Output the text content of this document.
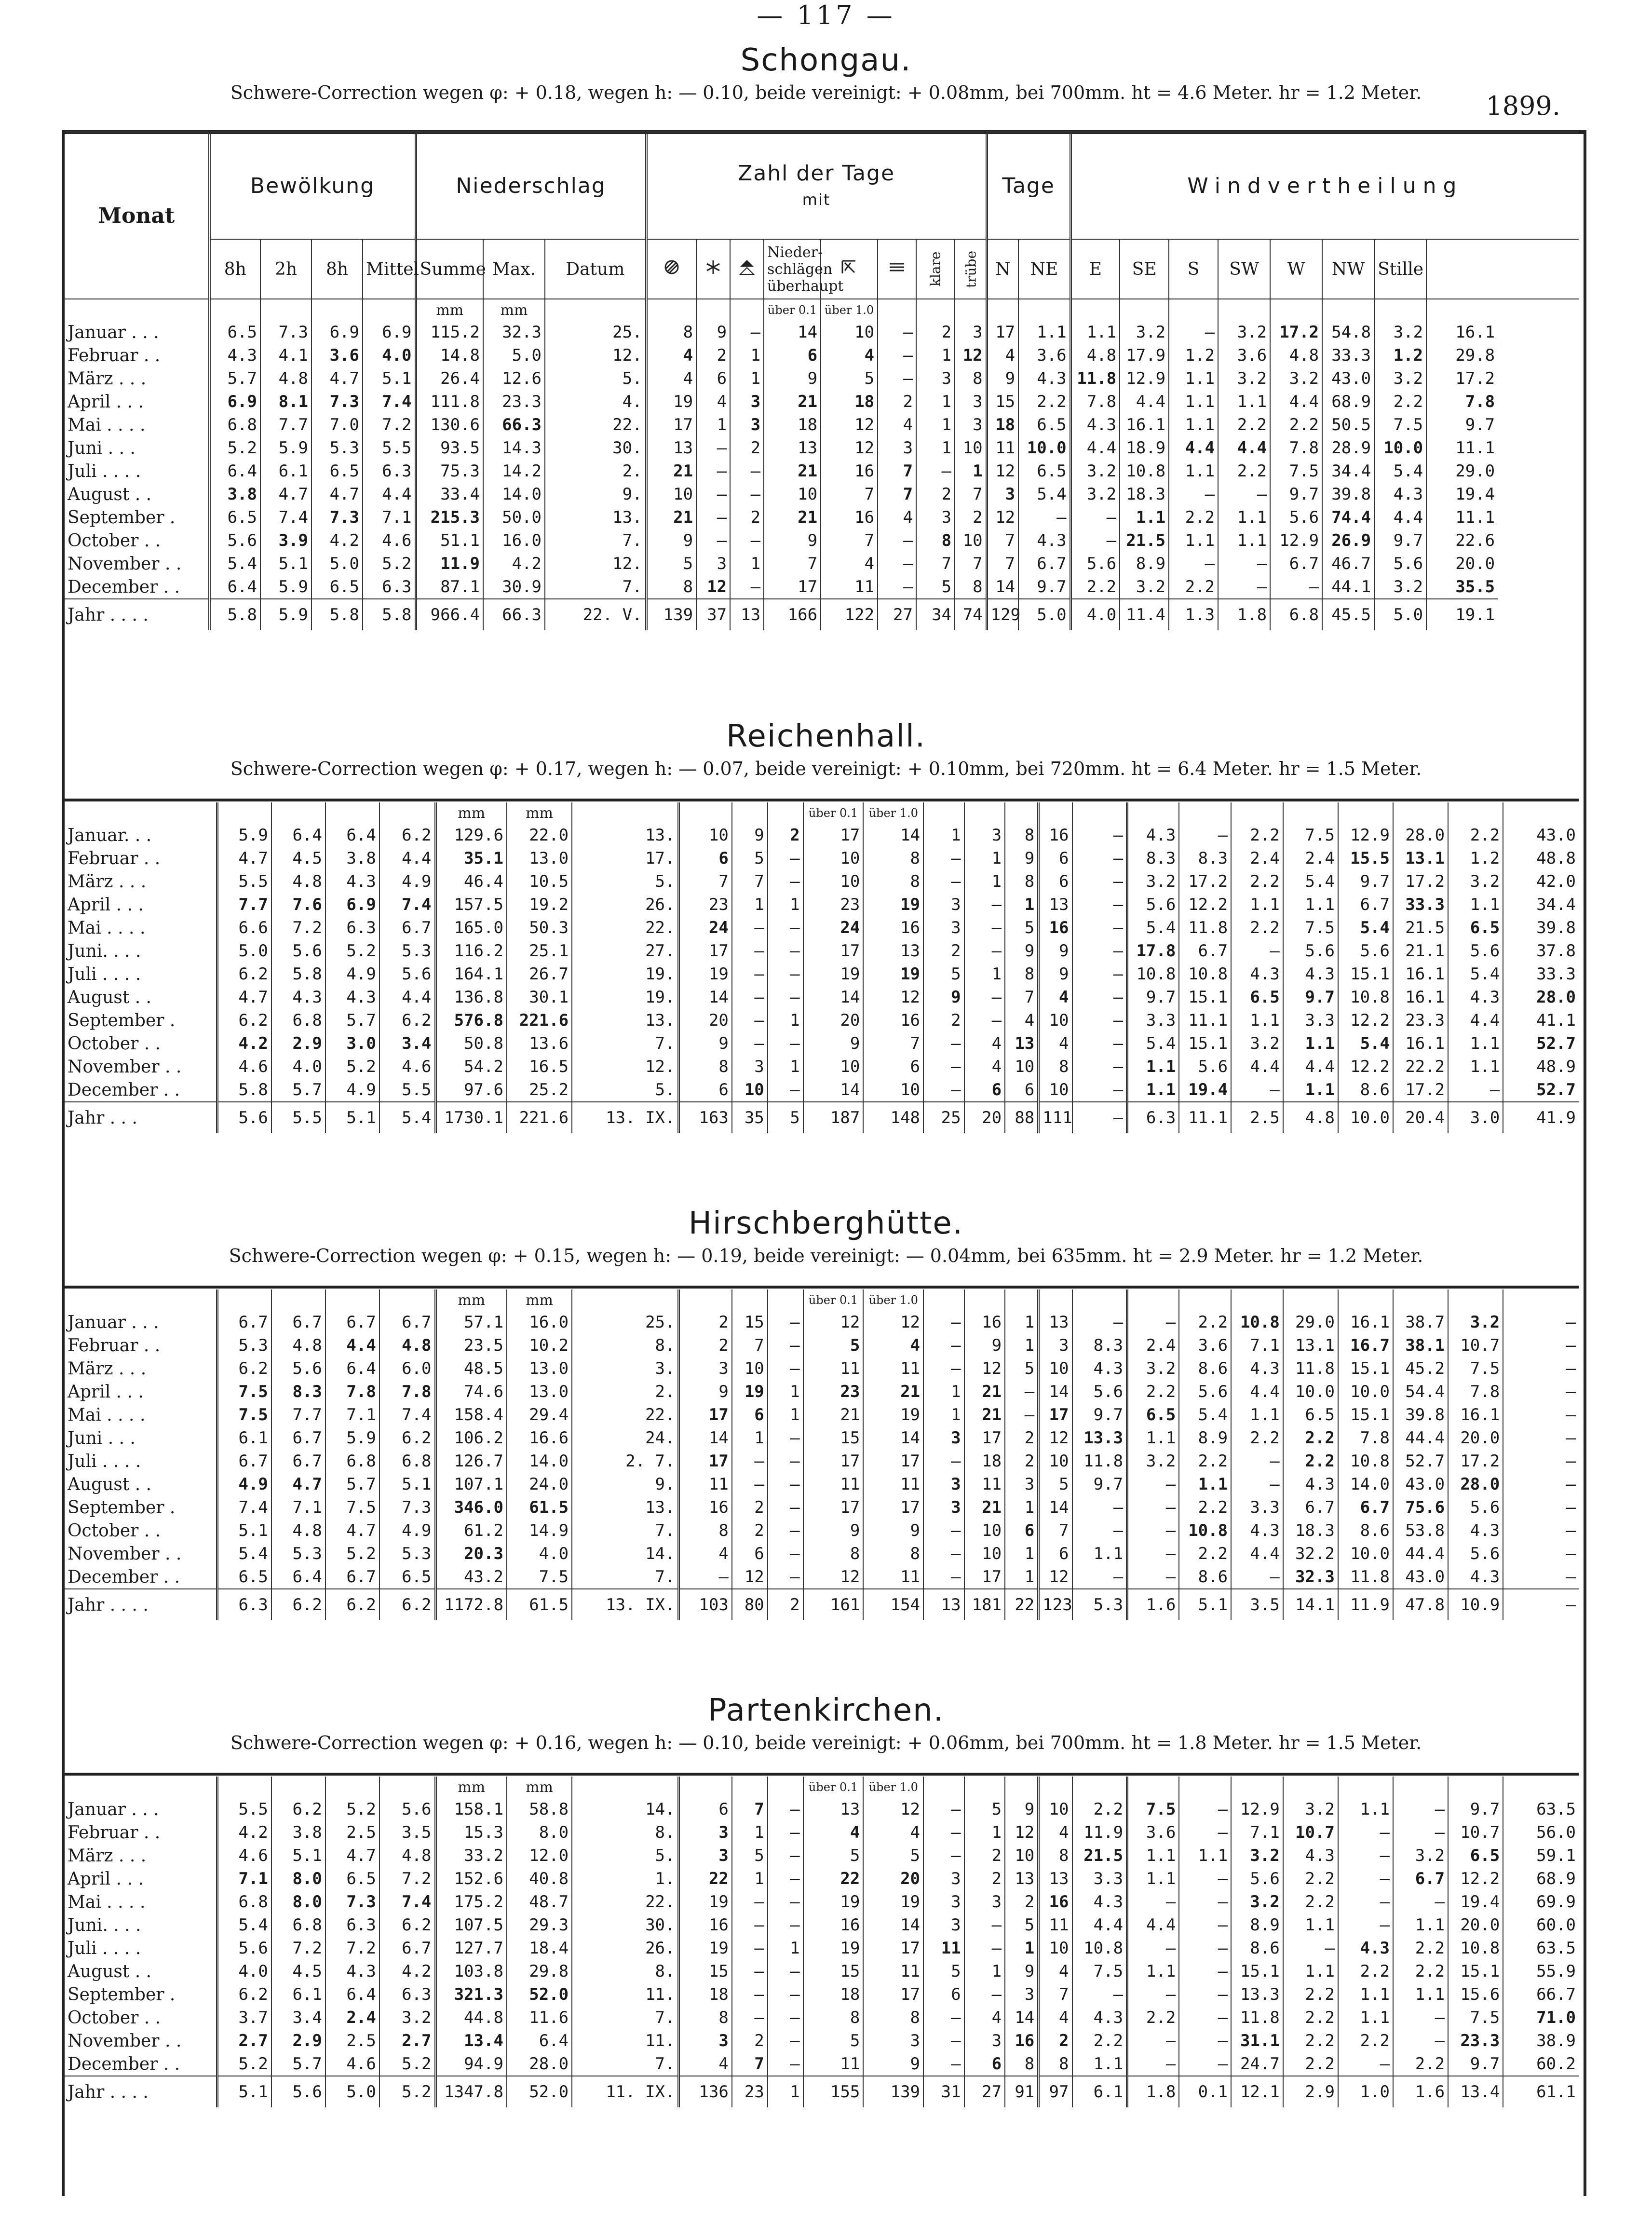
— 117 —
Schongau.
1899.
Schwere-Correction wegen φ: + 0.18, wegen h: — 0.10, beide vereinigt: + 0.08mm, bei 700mm. ht = 4.6 Meter. hr = 1.2 Meter.
Monat	Bewölkung				Niederschlag			Zahl der Tage
mit								Tage		Windvertheilung							
	8h	2h	8h	Mittel	Summe	Max.	Datum				Nieder-schlägen überhaupt			klare	trübe	N	NE	E	SE	S	SW	W	NW	Stille	
					mm	mm					über 0.1	über 1.0													
Januar . . .	6.5	7.3	6.9	6.9	115.2	32.3	25.	8	9	–	14	10	–	2	3	17	1.1	1.1	3.2	–	3.2	17.2	54.8	3.2	16.1
Februar . .	4.3	4.1	3.6	4.0	14.8	5.0	12.	4	2	1	6	4	–	1	12	4	3.6	4.8	17.9	1.2	3.6	4.8	33.3	1.2	29.8
März . . .	5.7	4.8	4.7	5.1	26.4	12.6	5.	4	6	1	9	5	–	3	8	9	4.3	11.8	12.9	1.1	3.2	3.2	43.0	3.2	17.2
April . . .	6.9	8.1	7.3	7.4	111.8	23.3	4.	19	4	3	21	18	2	1	3	15	2.2	7.8	4.4	1.1	1.1	4.4	68.9	2.2	7.8
Mai . . . .	6.8	7.7	7.0	7.2	130.6	66.3	22.	17	1	3	18	12	4	1	3	18	6.5	4.3	16.1	1.1	2.2	2.2	50.5	7.5	9.7
Juni . . .	5.2	5.9	5.3	5.5	93.5	14.3	30.	13	–	2	13	12	3	1	10	11	10.0	4.4	18.9	4.4	4.4	7.8	28.9	10.0	11.1
Juli . . . .	6.4	6.1	6.5	6.3	75.3	14.2	2.	21	–	–	21	16	7	–	1	12	6.5	3.2	10.8	1.1	2.2	7.5	34.4	5.4	29.0
August . .	3.8	4.7	4.7	4.4	33.4	14.0	9.	10	–	–	10	7	7	2	7	3	5.4	3.2	18.3	–	–	9.7	39.8	4.3	19.4
September .	6.5	7.4	7.3	7.1	215.3	50.0	13.	21	–	2	21	16	4	3	2	12	–	–	1.1	2.2	1.1	5.6	74.4	4.4	11.1
October . .	5.6	3.9	4.2	4.6	51.1	16.0	7.	9	–	–	9	7	–	8	10	7	4.3	–	21.5	1.1	1.1	12.9	26.9	9.7	22.6
November . .	5.4	5.1	5.0	5.2	11.9	4.2	12.	5	3	1	7	4	–	7	7	7	6.7	5.6	8.9	–	–	6.7	46.7	5.6	20.0
December . .	6.4	5.9	6.5	6.3	87.1	30.9	7.	8	12	–	17	11	–	5	8	14	9.7	2.2	3.2	2.2	–	–	44.1	3.2	35.5
Jahr . . . .	5.8	5.9	5.8	5.8	966.4	66.3	22. V.	139	37	13	166	122	27	34	74	129	5.0	4.0	11.4	1.3	1.8	6.8	45.5	5.0	19.1
Reichenhall.
Schwere-Correction wegen φ: + 0.17, wegen h: — 0.07, beide vereinigt: + 0.10mm, bei 720mm. ht = 6.4 Meter. hr = 1.5 Meter.

					mm	mm					über 0.1	über 1.0													
Januar. . .	5.9	6.4	6.4	6.2	129.6	22.0	13.	10	9	2	17	14	1	3	8	16	–	4.3	–	2.2	7.5	12.9	28.0	2.2	43.0
Februar . .	4.7	4.5	3.8	4.4	35.1	13.0	17.	6	5	–	10	8	–	1	9	6	–	8.3	8.3	2.4	2.4	15.5	13.1	1.2	48.8
März . . .	5.5	4.8	4.3	4.9	46.4	10.5	5.	7	7	–	10	8	–	1	8	6	–	3.2	17.2	2.2	5.4	9.7	17.2	3.2	42.0
April . . .	7.7	7.6	6.9	7.4	157.5	19.2	26.	23	1	1	23	19	3	–	1	13	–	5.6	12.2	1.1	1.1	6.7	33.3	1.1	34.4
Mai . . . .	6.6	7.2	6.3	6.7	165.0	50.3	22.	24	–	–	24	16	3	–	5	16	–	5.4	11.8	2.2	7.5	5.4	21.5	6.5	39.8
Juni. . . .	5.0	5.6	5.2	5.3	116.2	25.1	27.	17	–	–	17	13	2	–	9	9	–	17.8	6.7	–	5.6	5.6	21.1	5.6	37.8
Juli . . . .	6.2	5.8	4.9	5.6	164.1	26.7	19.	19	–	–	19	19	5	1	8	9	–	10.8	10.8	4.3	4.3	15.1	16.1	5.4	33.3
August . .	4.7	4.3	4.3	4.4	136.8	30.1	19.	14	–	–	14	12	9	–	7	4	–	9.7	15.1	6.5	9.7	10.8	16.1	4.3	28.0
September .	6.2	6.8	5.7	6.2	576.8	221.6	13.	20	–	1	20	16	2	–	4	10	–	3.3	11.1	1.1	3.3	12.2	23.3	4.4	41.1
October . .	4.2	2.9	3.0	3.4	50.8	13.6	7.	9	–	–	9	7	–	4	13	4	–	5.4	15.1	3.2	1.1	5.4	16.1	1.1	52.7
November . .	4.6	4.0	5.2	4.6	54.2	16.5	12.	8	3	1	10	6	–	4	10	8	–	1.1	5.6	4.4	4.4	12.2	22.2	1.1	48.9
December . .	5.8	5.7	4.9	5.5	97.6	25.2	5.	6	10	–	14	10	–	6	6	10	–	1.1	19.4	–	1.1	8.6	17.2	–	52.7
Jahr . . .	5.6	5.5	5.1	5.4	1730.1	221.6	13. IX.	163	35	5	187	148	25	20	88	111	–	6.3	11.1	2.5	4.8	10.0	20.4	3.0	41.9
Hirschberghütte.
Schwere-Correction wegen φ: + 0.15, wegen h: — 0.19, beide vereinigt: — 0.04mm, bei 635mm. ht = 2.9 Meter. hr = 1.2 Meter.

					mm	mm					über 0.1	über 1.0													
Januar . . .	6.7	6.7	6.7	6.7	57.1	16.0	25.	2	15	–	12	12	–	16	1	13	–	–	2.2	10.8	29.0	16.1	38.7	3.2	–
Februar . .	5.3	4.8	4.4	4.8	23.5	10.2	8.	2	7	–	5	4	–	9	1	3	8.3	2.4	3.6	7.1	13.1	16.7	38.1	10.7	–
März . . .	6.2	5.6	6.4	6.0	48.5	13.0	3.	3	10	–	11	11	–	12	5	10	4.3	3.2	8.6	4.3	11.8	15.1	45.2	7.5	–
April . . .	7.5	8.3	7.8	7.8	74.6	13.0	2.	9	19	1	23	21	1	21	–	14	5.6	2.2	5.6	4.4	10.0	10.0	54.4	7.8	–
Mai . . . .	7.5	7.7	7.1	7.4	158.4	29.4	22.	17	6	1	21	19	1	21	–	17	9.7	6.5	5.4	1.1	6.5	15.1	39.8	16.1	–
Juni . . .	6.1	6.7	5.9	6.2	106.2	16.6	24.	14	1	–	15	14	3	17	2	12	13.3	1.1	8.9	2.2	2.2	7.8	44.4	20.0	–
Juli . . . .	6.7	6.7	6.8	6.8	126.7	14.0	2. 7.	17	–	–	17	17	–	18	2	10	11.8	3.2	2.2	–	2.2	10.8	52.7	17.2	–
August . .	4.9	4.7	5.7	5.1	107.1	24.0	9.	11	–	–	11	11	3	11	3	5	9.7	–	1.1	–	4.3	14.0	43.0	28.0	–
September .	7.4	7.1	7.5	7.3	346.0	61.5	13.	16	2	–	17	17	3	21	1	14	–	–	2.2	3.3	6.7	6.7	75.6	5.6	–
October . .	5.1	4.8	4.7	4.9	61.2	14.9	7.	8	2	–	9	9	–	10	6	7	–	–	10.8	4.3	18.3	8.6	53.8	4.3	–
November . .	5.4	5.3	5.2	5.3	20.3	4.0	14.	4	6	–	8	8	–	10	1	6	1.1	–	2.2	4.4	32.2	10.0	44.4	5.6	–
December . .	6.5	6.4	6.7	6.5	43.2	7.5	7.	–	12	–	12	11	–	17	1	12	–	–	8.6	–	32.3	11.8	43.0	4.3	–
Jahr . . . .	6.3	6.2	6.2	6.2	1172.8	61.5	13. IX.	103	80	2	161	154	13	181	22	123	5.3	1.6	5.1	3.5	14.1	11.9	47.8	10.9	–
Partenkirchen.
Schwere-Correction wegen φ: + 0.16, wegen h: — 0.10, beide vereinigt: + 0.06mm, bei 700mm. ht = 1.8 Meter. hr = 1.5 Meter.

					mm	mm					über 0.1	über 1.0													
Januar . . .	5.5	6.2	5.2	5.6	158.1	58.8	14.	6	7	–	13	12	–	5	9	10	2.2	7.5	–	12.9	3.2	1.1	–	9.7	63.5
Februar . .	4.2	3.8	2.5	3.5	15.3	8.0	8.	3	1	–	4	4	–	1	12	4	11.9	3.6	–	7.1	10.7	–	–	10.7	56.0
März . . .	4.6	5.1	4.7	4.8	33.2	12.0	5.	3	5	–	5	5	–	2	10	8	21.5	1.1	1.1	3.2	4.3	–	3.2	6.5	59.1
April . . .	7.1	8.0	6.5	7.2	152.6	40.8	1.	22	1	–	22	20	3	2	13	13	3.3	1.1	–	5.6	2.2	–	6.7	12.2	68.9
Mai . . . .	6.8	8.0	7.3	7.4	175.2	48.7	22.	19	–	–	19	19	3	3	2	16	4.3	–	–	3.2	2.2	–	–	19.4	69.9
Juni. . . .	5.4	6.8	6.3	6.2	107.5	29.3	30.	16	–	–	16	14	3	–	5	11	4.4	4.4	–	8.9	1.1	–	1.1	20.0	60.0
Juli . . . .	5.6	7.2	7.2	6.7	127.7	18.4	26.	19	–	1	19	17	11	–	1	10	10.8	–	–	8.6	–	4.3	2.2	10.8	63.5
August . .	4.0	4.5	4.3	4.2	103.8	29.8	8.	15	–	–	15	11	5	1	9	4	7.5	1.1	–	15.1	1.1	2.2	2.2	15.1	55.9
September .	6.2	6.1	6.4	6.3	321.3	52.0	11.	18	–	–	18	17	6	–	3	7	–	–	–	13.3	2.2	1.1	1.1	15.6	66.7
October . .	3.7	3.4	2.4	3.2	44.8	11.6	7.	8	–	–	8	8	–	4	14	4	4.3	2.2	–	11.8	2.2	1.1	–	7.5	71.0
November . .	2.7	2.9	2.5	2.7	13.4	6.4	11.	3	2	–	5	3	–	3	16	2	2.2	–	–	31.1	2.2	2.2	–	23.3	38.9
December . .	5.2	5.7	4.6	5.2	94.9	28.0	7.	4	7	–	11	9	–	6	8	8	1.1	–	–	24.7	2.2	–	2.2	9.7	60.2
Jahr . . . .	5.1	5.6	5.0	5.2	1347.8	52.0	11. IX.	136	23	1	155	139	31	27	91	97	6.1	1.8	0.1	12.1	2.9	1.0	1.6	13.4	61.1
